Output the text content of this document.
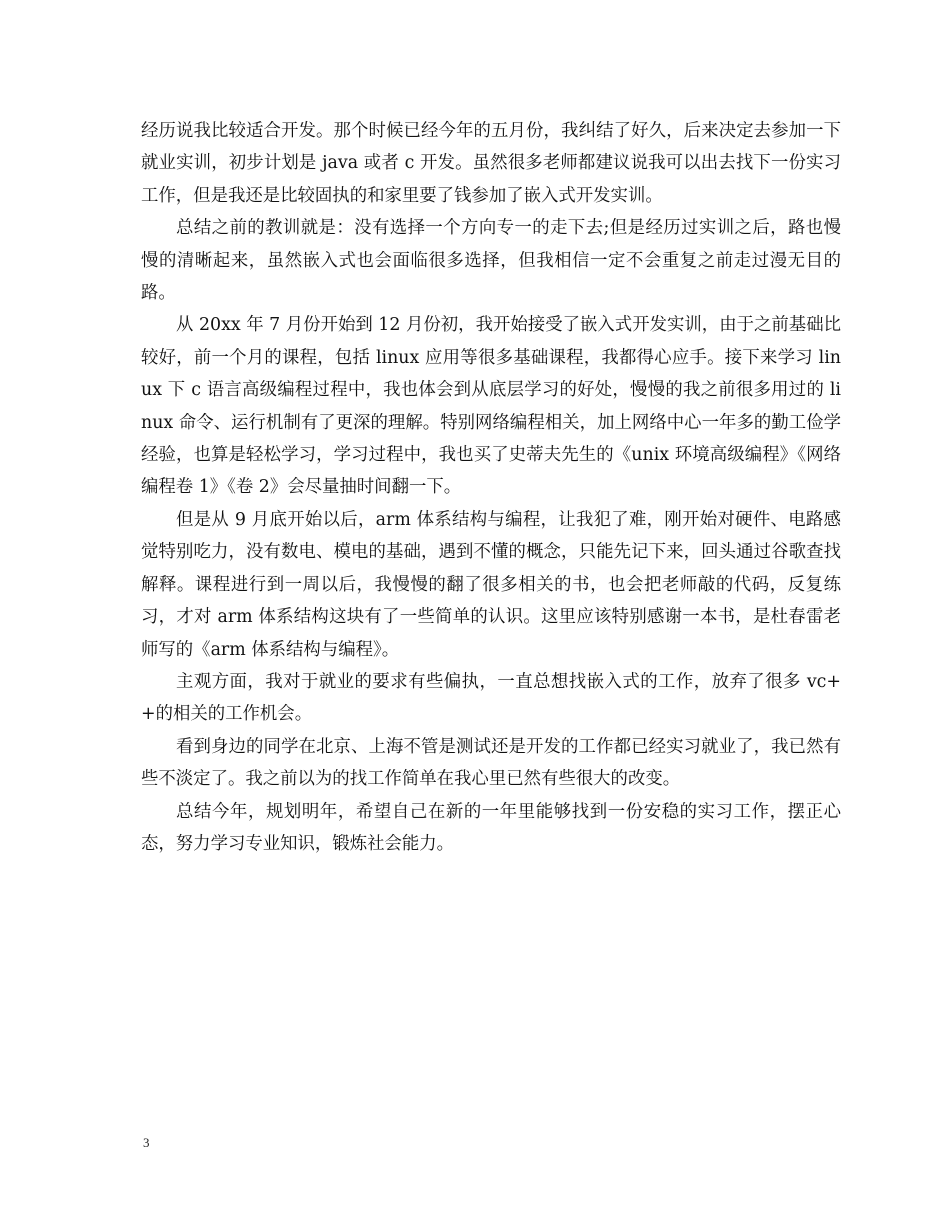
经历说我比较适合开发。那个时候已经今年的五月份，我纠结了好久，后来决定去参加一下就业实训，初步计划是 java 或者 c 开发。虽然很多老师都建议说我可以出去找下一份实习工作，但是我还是比较固执的和家里要了钱参加了嵌入式开发实训。

总结之前的教训就是：没有选择一个方向专一的走下去;但是经历过实训之后，路也慢慢的清晰起来，虽然嵌入式也会面临很多选择，但我相信一定不会重复之前走过漫无目的路。

从 20xx 年 7 月份开始到 12 月份初，我开始接受了嵌入式开发实训，由于之前基础比较好，前一个月的课程，包括 linux 应用等很多基础课程，我都得心应手。接下来学习 linux 下 c 语言高级编程过程中，我也体会到从底层学习的好处，慢慢的我之前很多用过的 linux 命令、运行机制有了更深的理解。特别网络编程相关，加上网络中心一年多的勤工俭学经验，也算是轻松学习，学习过程中，我也买了史蒂夫先生的《unix 环境高级编程》《网络编程卷 1》《卷 2》会尽量抽时间翻一下。

但是从 9 月底开始以后，arm 体系结构与编程，让我犯了难，刚开始对硬件、电路感觉特别吃力，没有数电、模电的基础，遇到不懂的概念，只能先记下来，回头通过谷歌查找解释。课程进行到一周以后，我慢慢的翻了很多相关的书，也会把老师敲的代码，反复练习，才对 arm 体系结构这块有了一些简单的认识。这里应该特别感谢一本书，是杜春雷老师写的《arm 体系结构与编程》。

主观方面，我对于就业的要求有些偏执，一直总想找嵌入式的工作，放弃了很多 vc++的相关的工作机会。

看到身边的同学在北京、上海不管是测试还是开发的工作都已经实习就业了，我已然有些不淡定了。我之前以为的找工作简单在我心里已然有些很大的改变。

总结今年，规划明年，希望自己在新的一年里能够找到一份安稳的实习工作，摆正心态，努力学习专业知识，锻炼社会能力。

3
